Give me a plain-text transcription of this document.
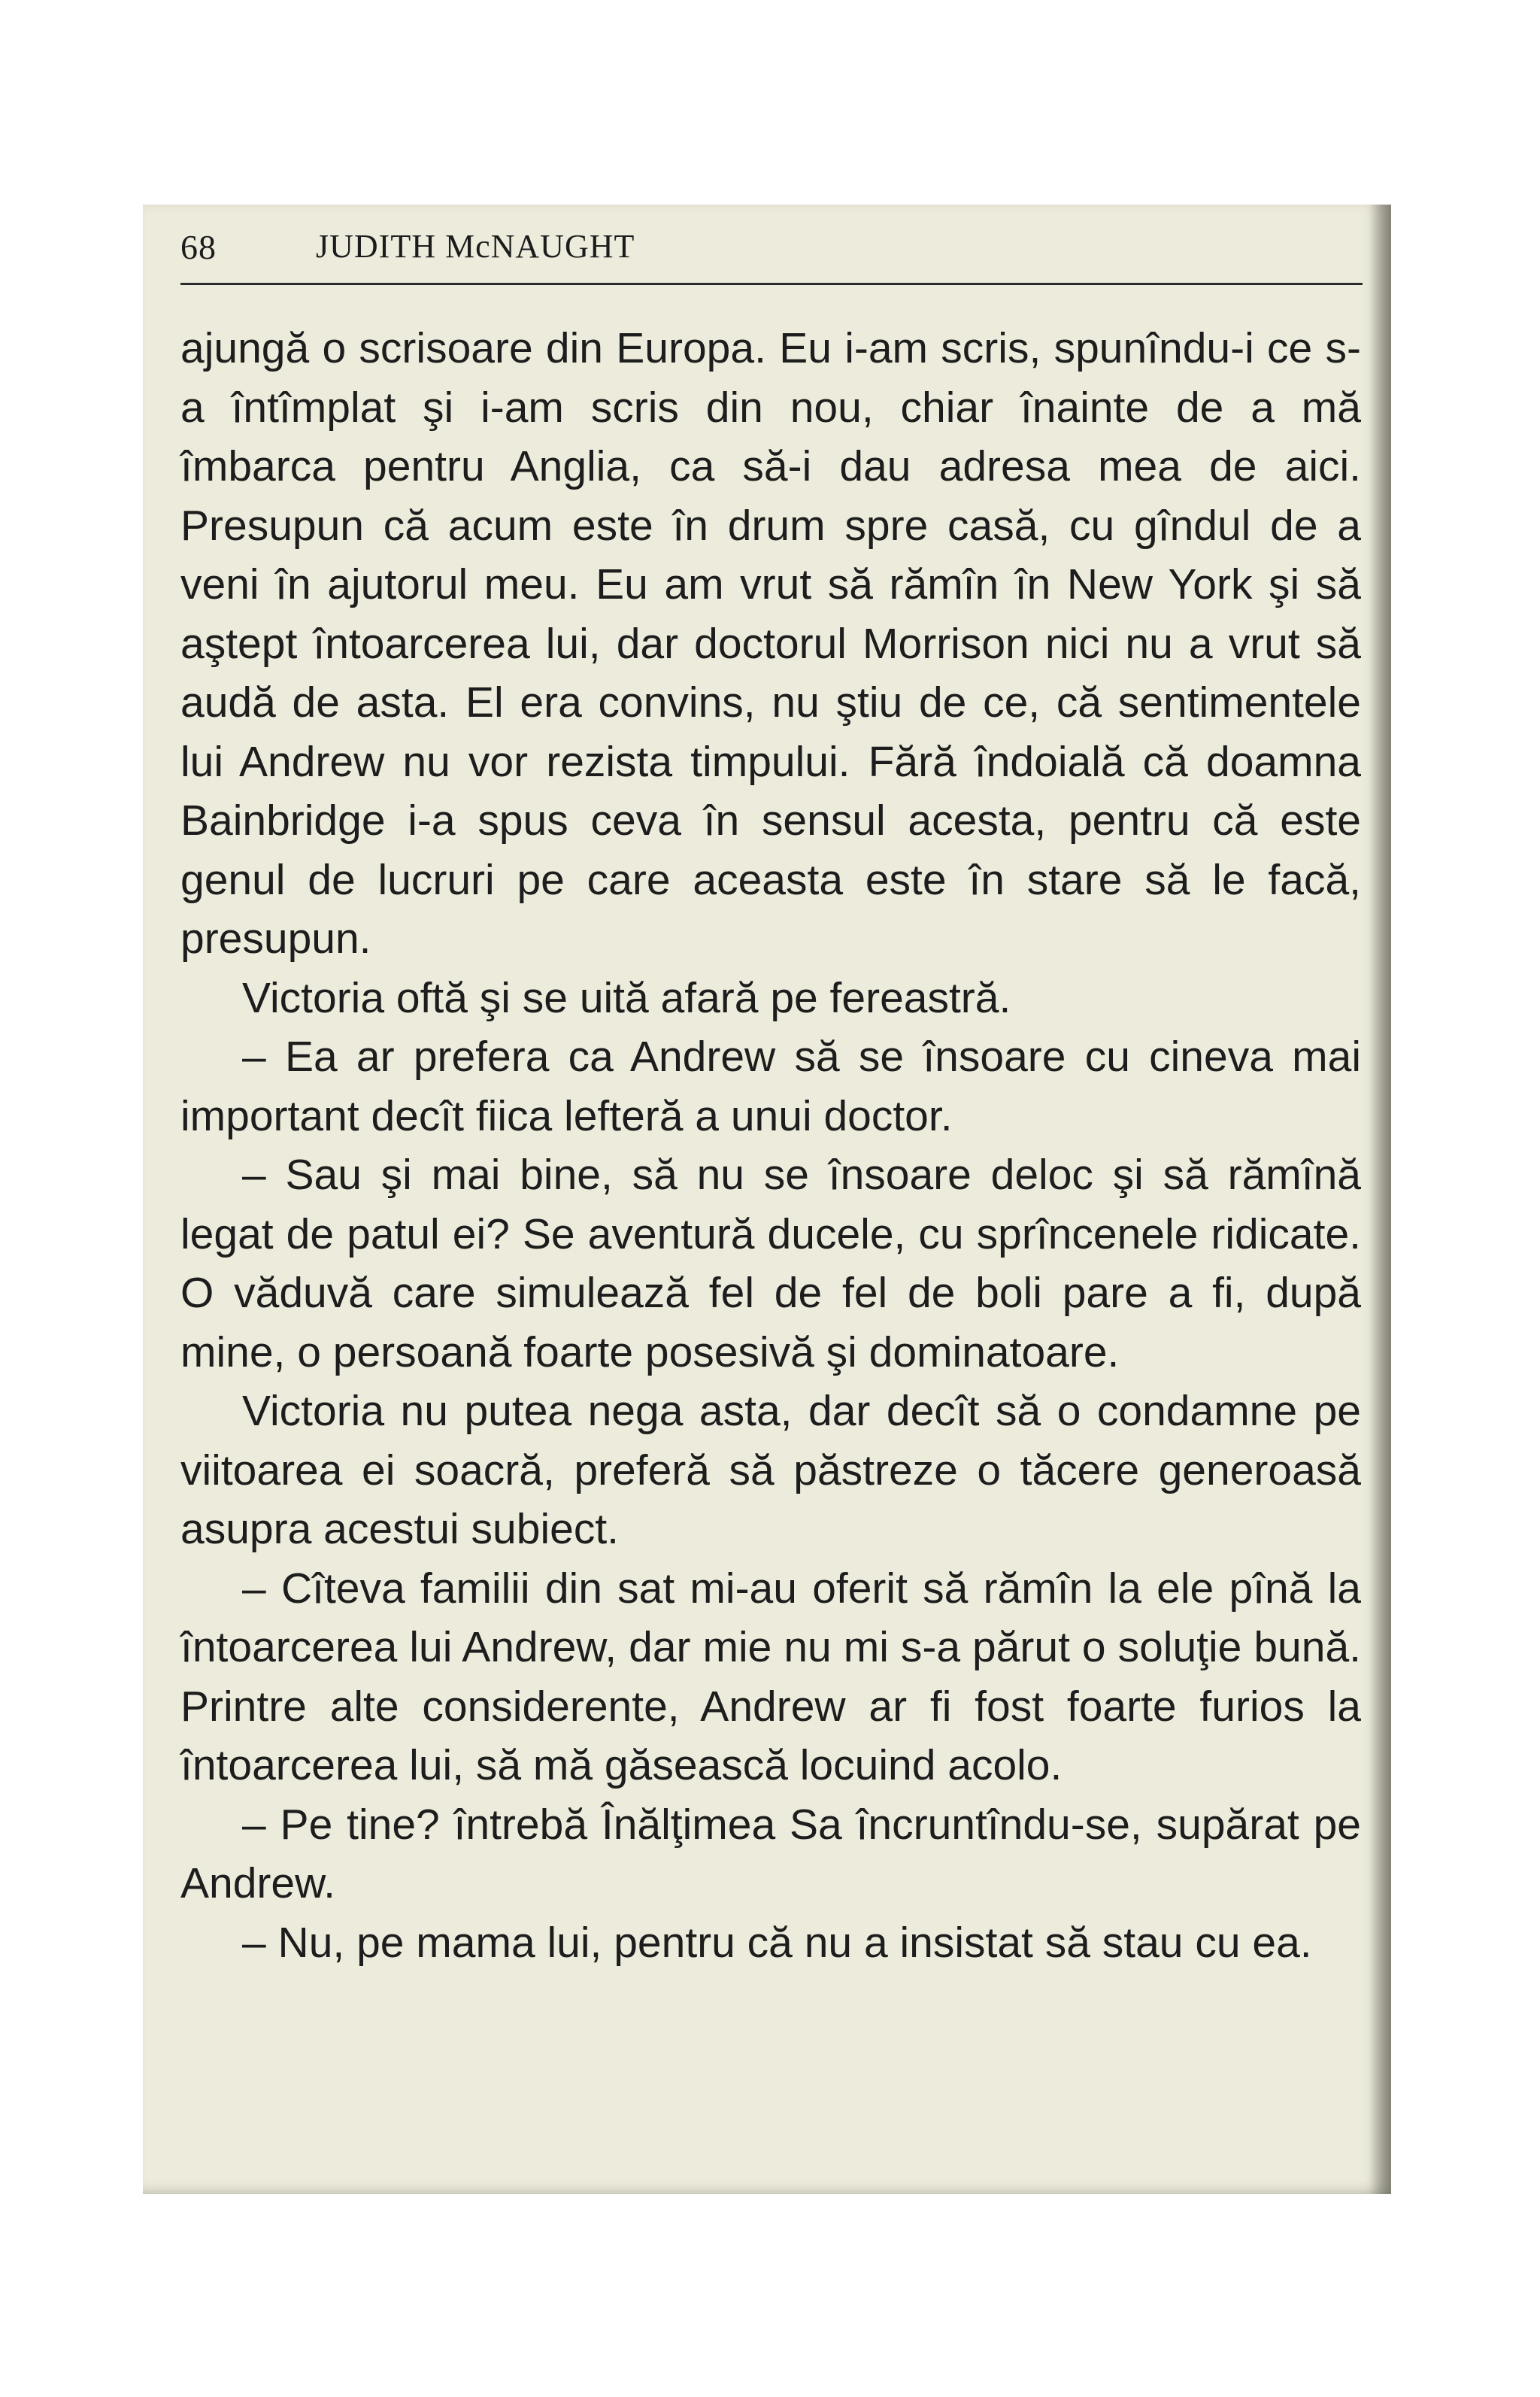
68	JUDITH McNAUGHT

ajungă o scrisoare din Europa. Eu i-am scris, spunîndu-i ce s-a întîmplat şi i-am scris din nou, chiar înainte de a mă îmbarca pentru Anglia, ca să-i dau adresa mea de aici. Presupun că acum este în drum spre casă, cu gîndul de a veni în ajutorul meu. Eu am vrut să rămîn în New York şi să aştept întoarcerea lui, dar doctorul Morrison nici nu a vrut să audă de asta. El era convins, nu ştiu de ce, că sentimentele lui Andrew nu vor rezista timpului. Fără îndoială că doamna Bainbridge i-a spus ceva în sensul acesta, pentru că este genul de lucruri pe care aceasta este în stare să le facă, presupun.

Victoria oftă şi se uită afară pe fereastră.

– Ea ar prefera ca Andrew să se însoare cu cineva mai important decît fiica lefteră a unui doctor.

– Sau şi mai bine, să nu se însoare deloc şi să rămînă legat de patul ei? Se aventură ducele, cu sprîncenele ridicate. O văduvă care simulează fel de fel de boli pare a fi, după mine, o persoană foarte posesivă şi dominatoare.

Victoria nu putea nega asta, dar decît să o condamne pe viitoarea ei soacră, preferă să păstreze o tăcere generoasă asupra acestui subiect.

– Cîteva familii din sat mi-au oferit să rămîn la ele pînă la întoarcerea lui Andrew, dar mie nu mi s-a părut o soluţie bună. Printre alte considerente, Andrew ar fi fost foarte furios la întoarcerea lui, să mă găsească locuind acolo.

– Pe tine? întrebă Înălţimea Sa încruntîndu-se, supărat pe Andrew.

– Nu, pe mama lui, pentru că nu a insistat să stau cu ea.
